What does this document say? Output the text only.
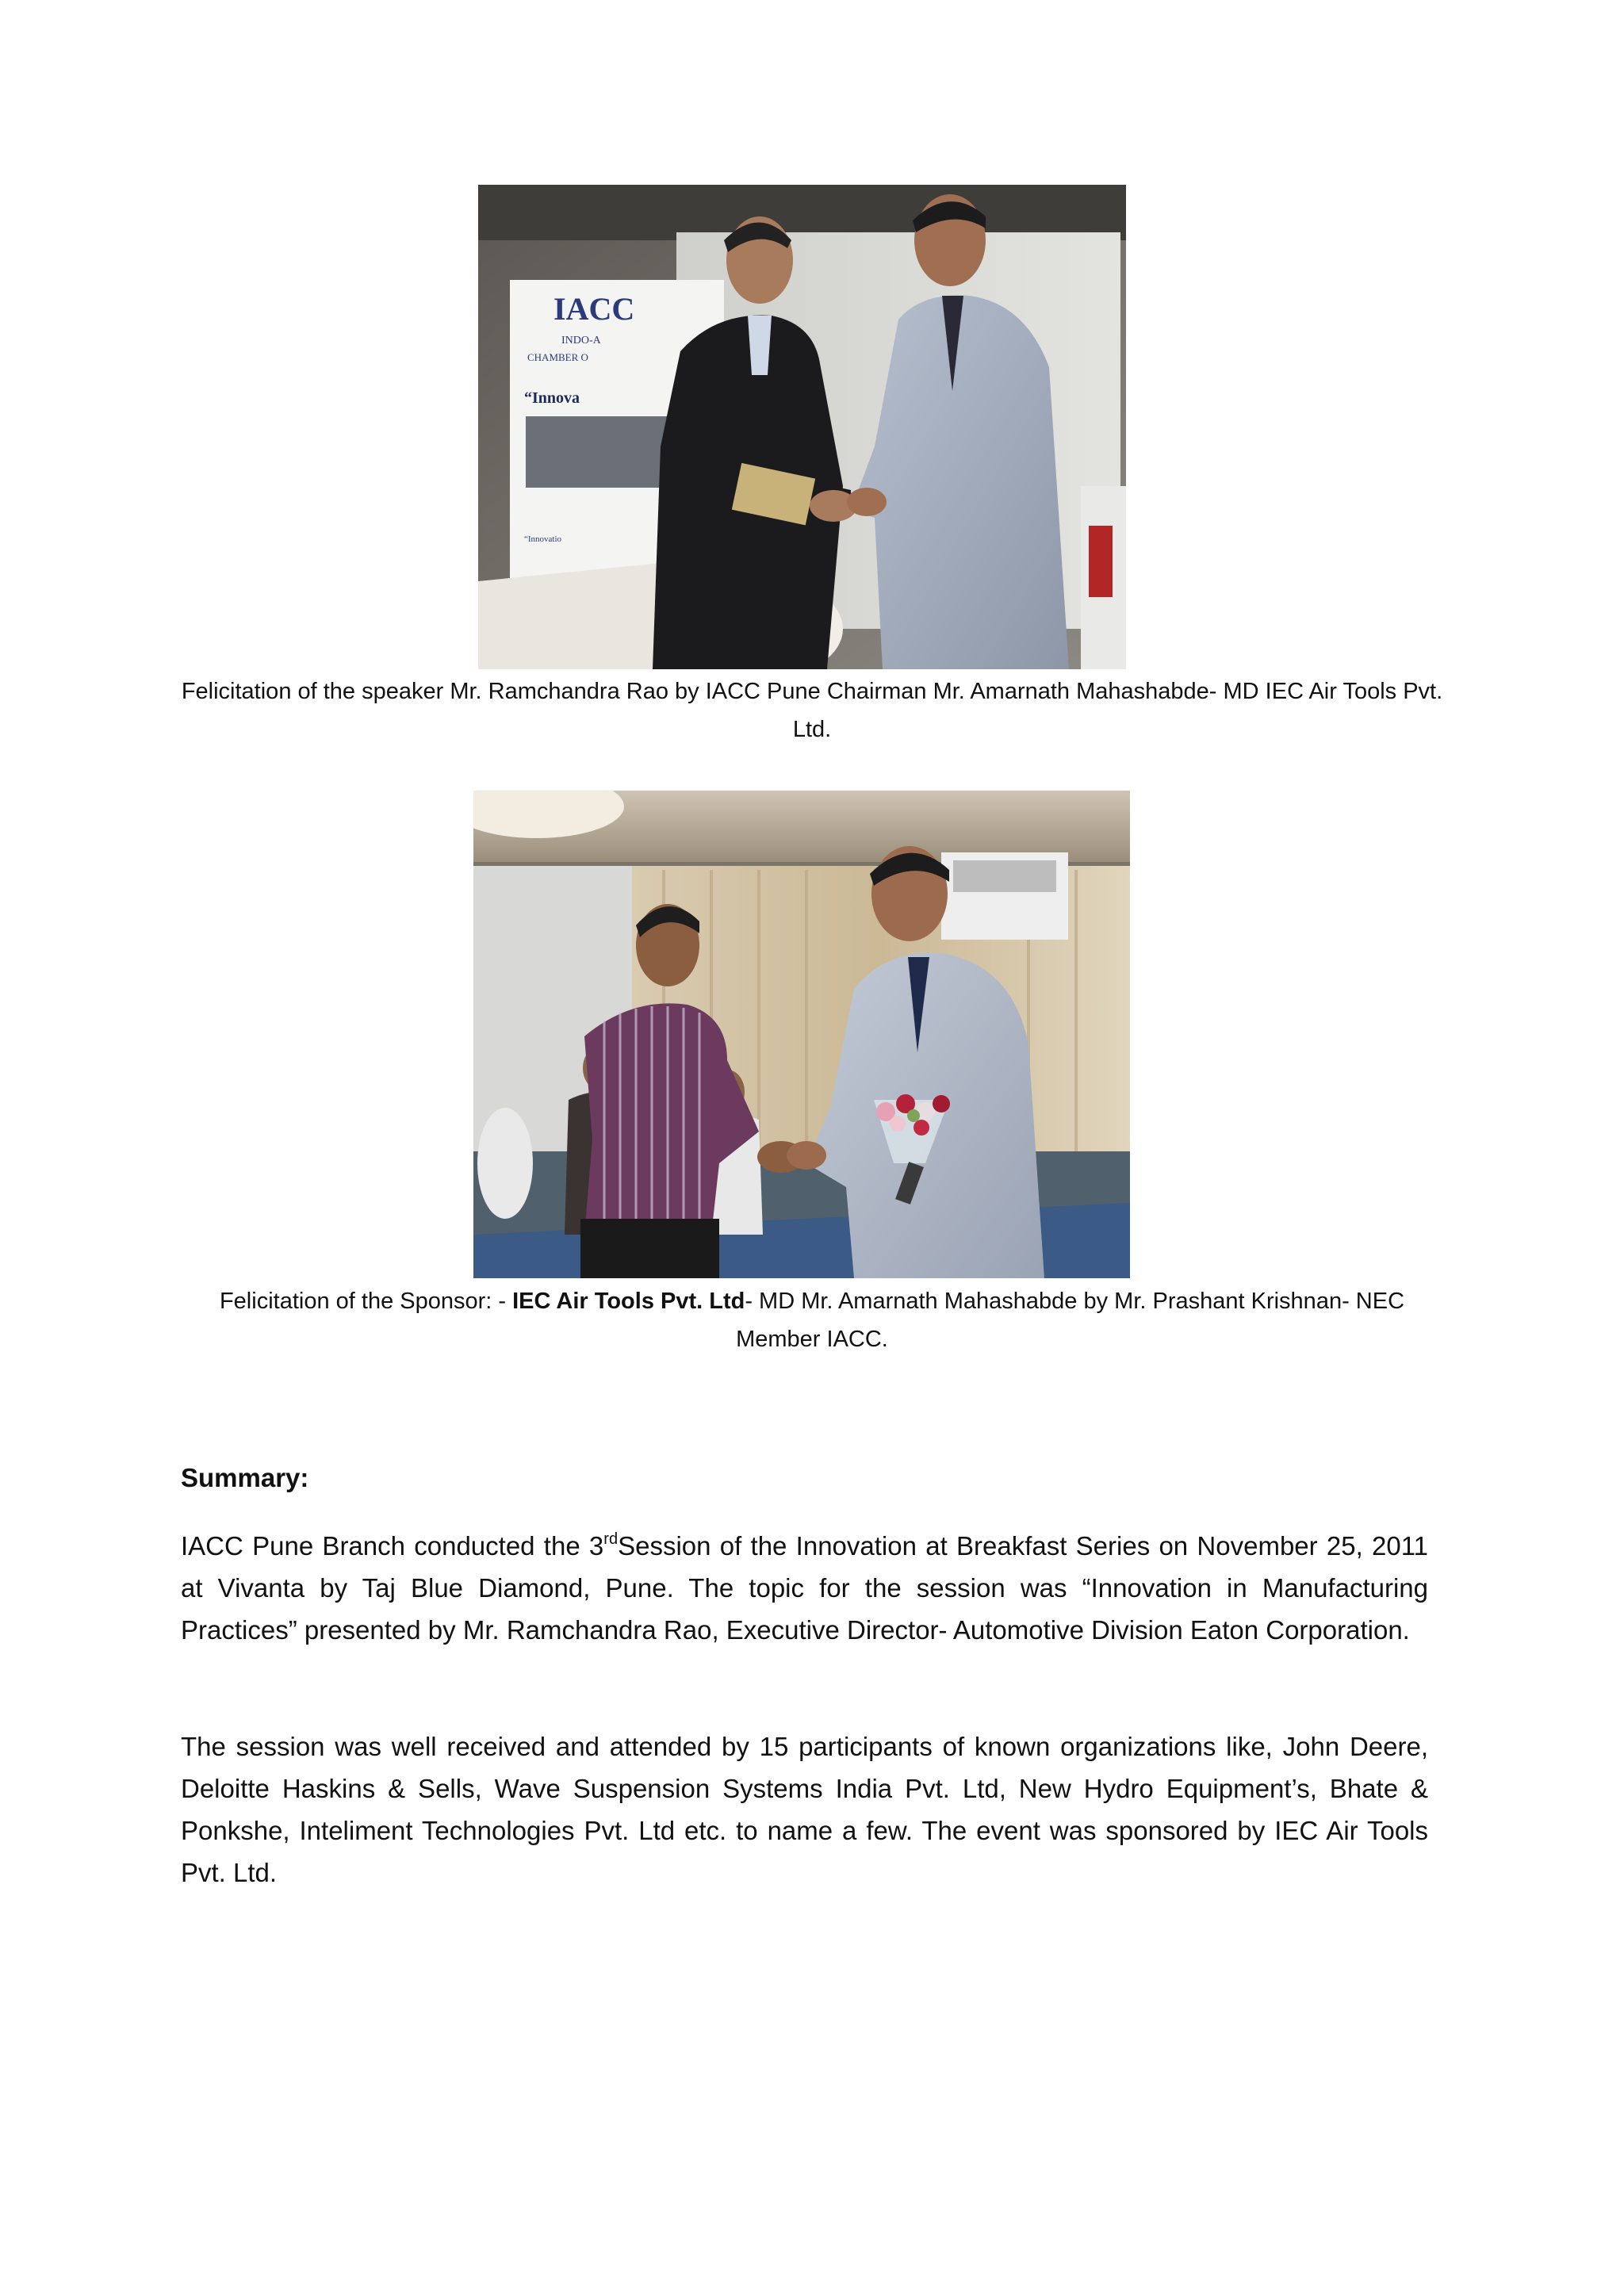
IACC
INDO-A
CHAMBER O
“Innova
“Innovatio
Felicitation of the speaker Mr. Ramchandra Rao by IACC Pune Chairman Mr. Amarnath Mahashabde- MD IEC Air Tools Pvt. Ltd.
Felicitation of the Sponsor: - IEC Air Tools Pvt. Ltd- MD Mr. Amarnath Mahashabde by Mr. Prashant Krishnan- NEC Member IACC.
Summary:
IACC Pune Branch conducted the 3rdSession of the Innovation at Breakfast Series on November 25, 2011 at Vivanta by Taj Blue Diamond, Pune. The topic for the session was “Innovation in Manufacturing Practices” presented by Mr. Ramchandra Rao, Executive Director- Automotive Division Eaton Corporation.
The session was well received and attended by 15 participants of known organizations like, John Deere, Deloitte Haskins & Sells, Wave Suspension Systems India Pvt. Ltd, New Hydro Equipment’s, Bhate & Ponkshe, Inteliment Technologies Pvt. Ltd etc. to name a few. The event was sponsored by IEC Air Tools Pvt. Ltd.
